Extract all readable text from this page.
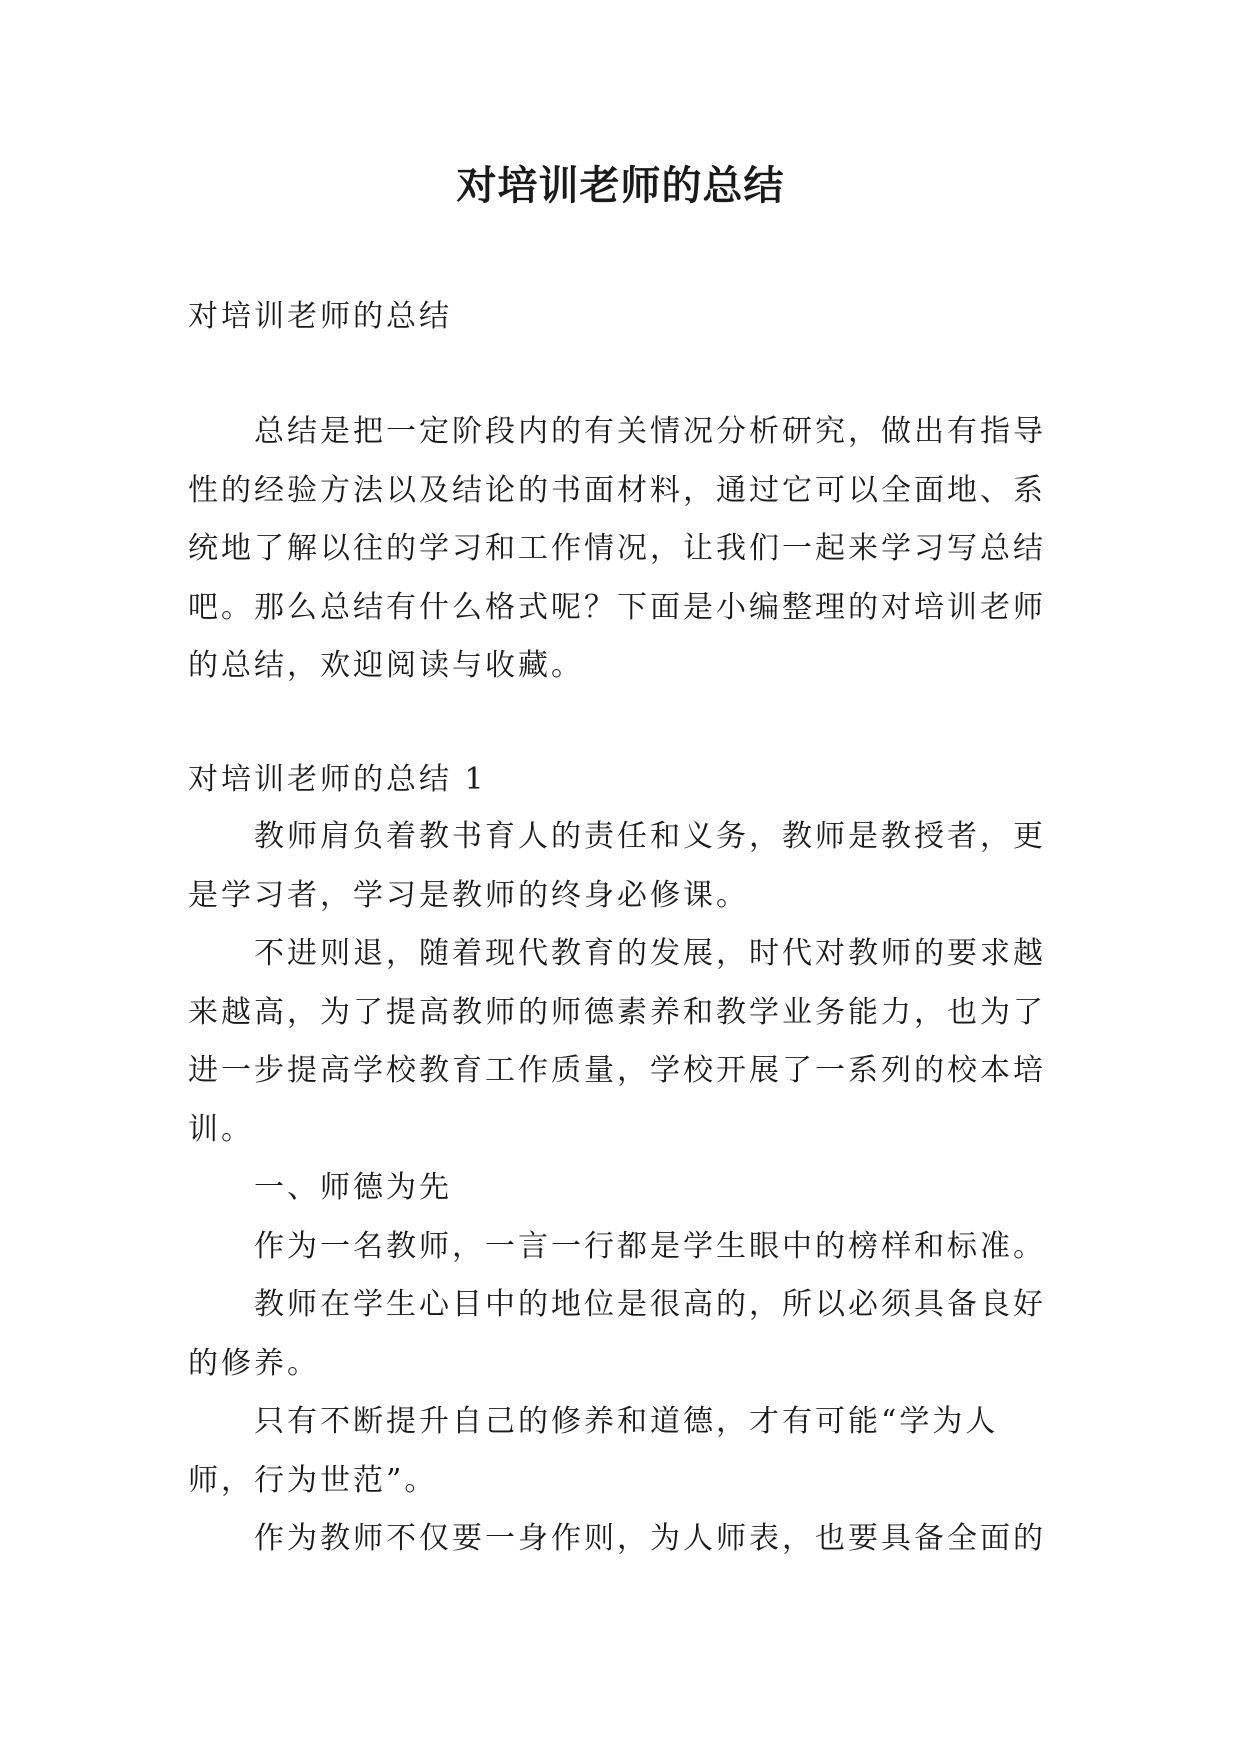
对培训老师的总结

对培训老师的总结

总结是把一定阶段内的有关情况分析研究，做出有指导性的经验方法以及结论的书面材料，通过它可以全面地、系统地了解以往的学习和工作情况，让我们一起来学习写总结吧。那么总结有什么格式呢？下面是小编整理的对培训老师的总结，欢迎阅读与收藏。

对培训老师的总结 1

教师肩负着教书育人的责任和义务，教师是教授者，更是学习者，学习是教师的终身必修课。

不进则退，随着现代教育的发展，时代对教师的要求越来越高，为了提高教师的师德素养和教学业务能力，也为了进一步提高学校教育工作质量，学校开展了一系列的校本培训。

一、师德为先

作为一名教师，一言一行都是学生眼中的榜样和标准。

教师在学生心目中的地位是很高的，所以必须具备良好的修养。

只有不断提升自己的修养和道德，才有可能“学为人师，行为世范”。

作为教师不仅要一身作则，为人师表，也要具备全面的
